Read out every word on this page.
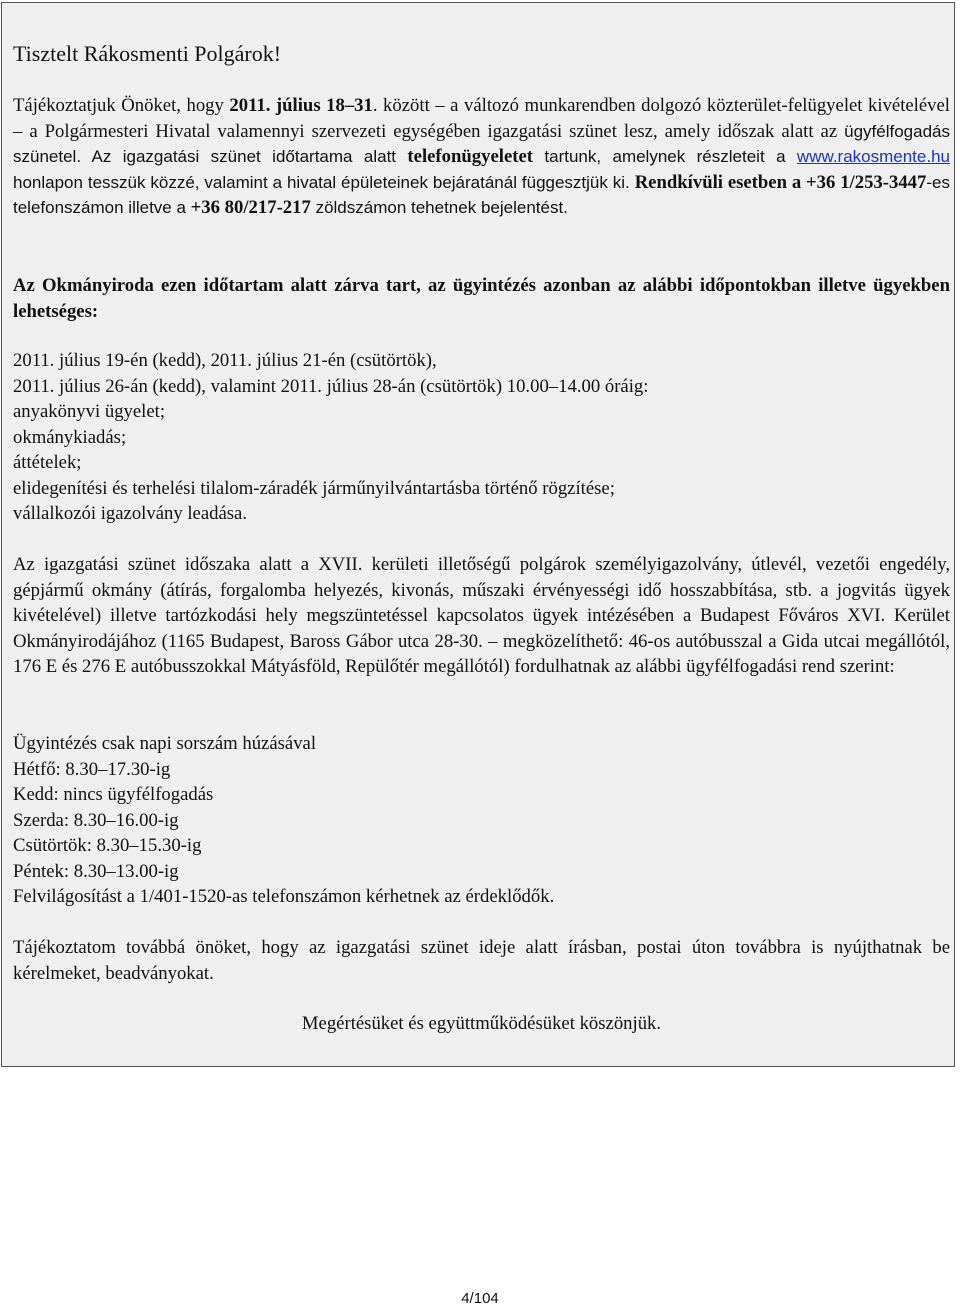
Tisztelt Rákosmenti Polgárok!
Tájékoztatjuk Önöket, hogy 2011. július 18–31. között – a változó munkarendben dolgozó közterület-felügyelet kivételével – a Polgármesteri Hivatal valamennyi szervezeti egységében igazgatási szünet lesz, amely időszak alatt az ügyfélfogadás szünetel. Az igazgatási szünet időtartama alatt telefonügyeletet tartunk, amelynek részleteit a www.rakosmente.hu honlapon tesszük közzé, valamint a hivatal épületeinek bejáratánál függesztjük ki. Rendkívüli esetben a +36 1/253-3447-es telefonszámon illetve a +36 80/217-217 zöldszámon tehetnek bejelentést.
Az Okmányiroda ezen időtartam alatt zárva tart, az ügyintézés azonban az alábbi időpontokban illetve ügyekben lehetséges:
2011. július 19-én (kedd), 2011. július 21-én (csütörtök),
2011. július 26-án (kedd), valamint 2011. július 28-án (csütörtök) 10.00–14.00 óráig:
anyakönyvi ügyelet;
okmánykiadás;
áttételek;
elidegenítési és terhelési tilalom-záradék járműnyilvántartásba történő rögzítése;
vállalkozói igazolvány leadása.
Az igazgatási szünet időszaka alatt a XVII. kerületi illetőségű polgárok személyigazolvány, útlevél, vezetői engedély, gépjármű okmány (átírás, forgalomba helyezés, kivonás, műszaki érvényességi idő hosszabbítása, stb. a jogvitás ügyek kivételével) illetve tartózkodási hely megszüntetéssel kapcsolatos ügyek intézésében a Budapest Főváros XVI. Kerület Okmányirodájához (1165 Budapest, Baross Gábor utca 28-30. – megközelíthető: 46-os autóbusszal a Gida utcai megállótól, 176 E és 276 E autóbusszokkal Mátyásföld, Repülőtér megállótól) fordulhatnak az alábbi ügyfélfogadási rend szerint:
Ügyintézés csak napi sorszám húzásával
Hétfő: 8.30–17.30-ig
Kedd: nincs ügyfélfogadás
Szerda: 8.30–16.00-ig
Csütörtök: 8.30–15.30-ig
Péntek: 8.30–13.00-ig
Felvilágosítást a 1/401-1520-as telefonszámon kérhetnek az érdeklődők.
Tájékoztatom továbbá önöket, hogy az igazgatási szünet ideje alatt írásban, postai úton továbbra is nyújthatnak be kérelmeket, beadványokat.
Megértésüket és együttműködésüket köszönjük.
4/104
